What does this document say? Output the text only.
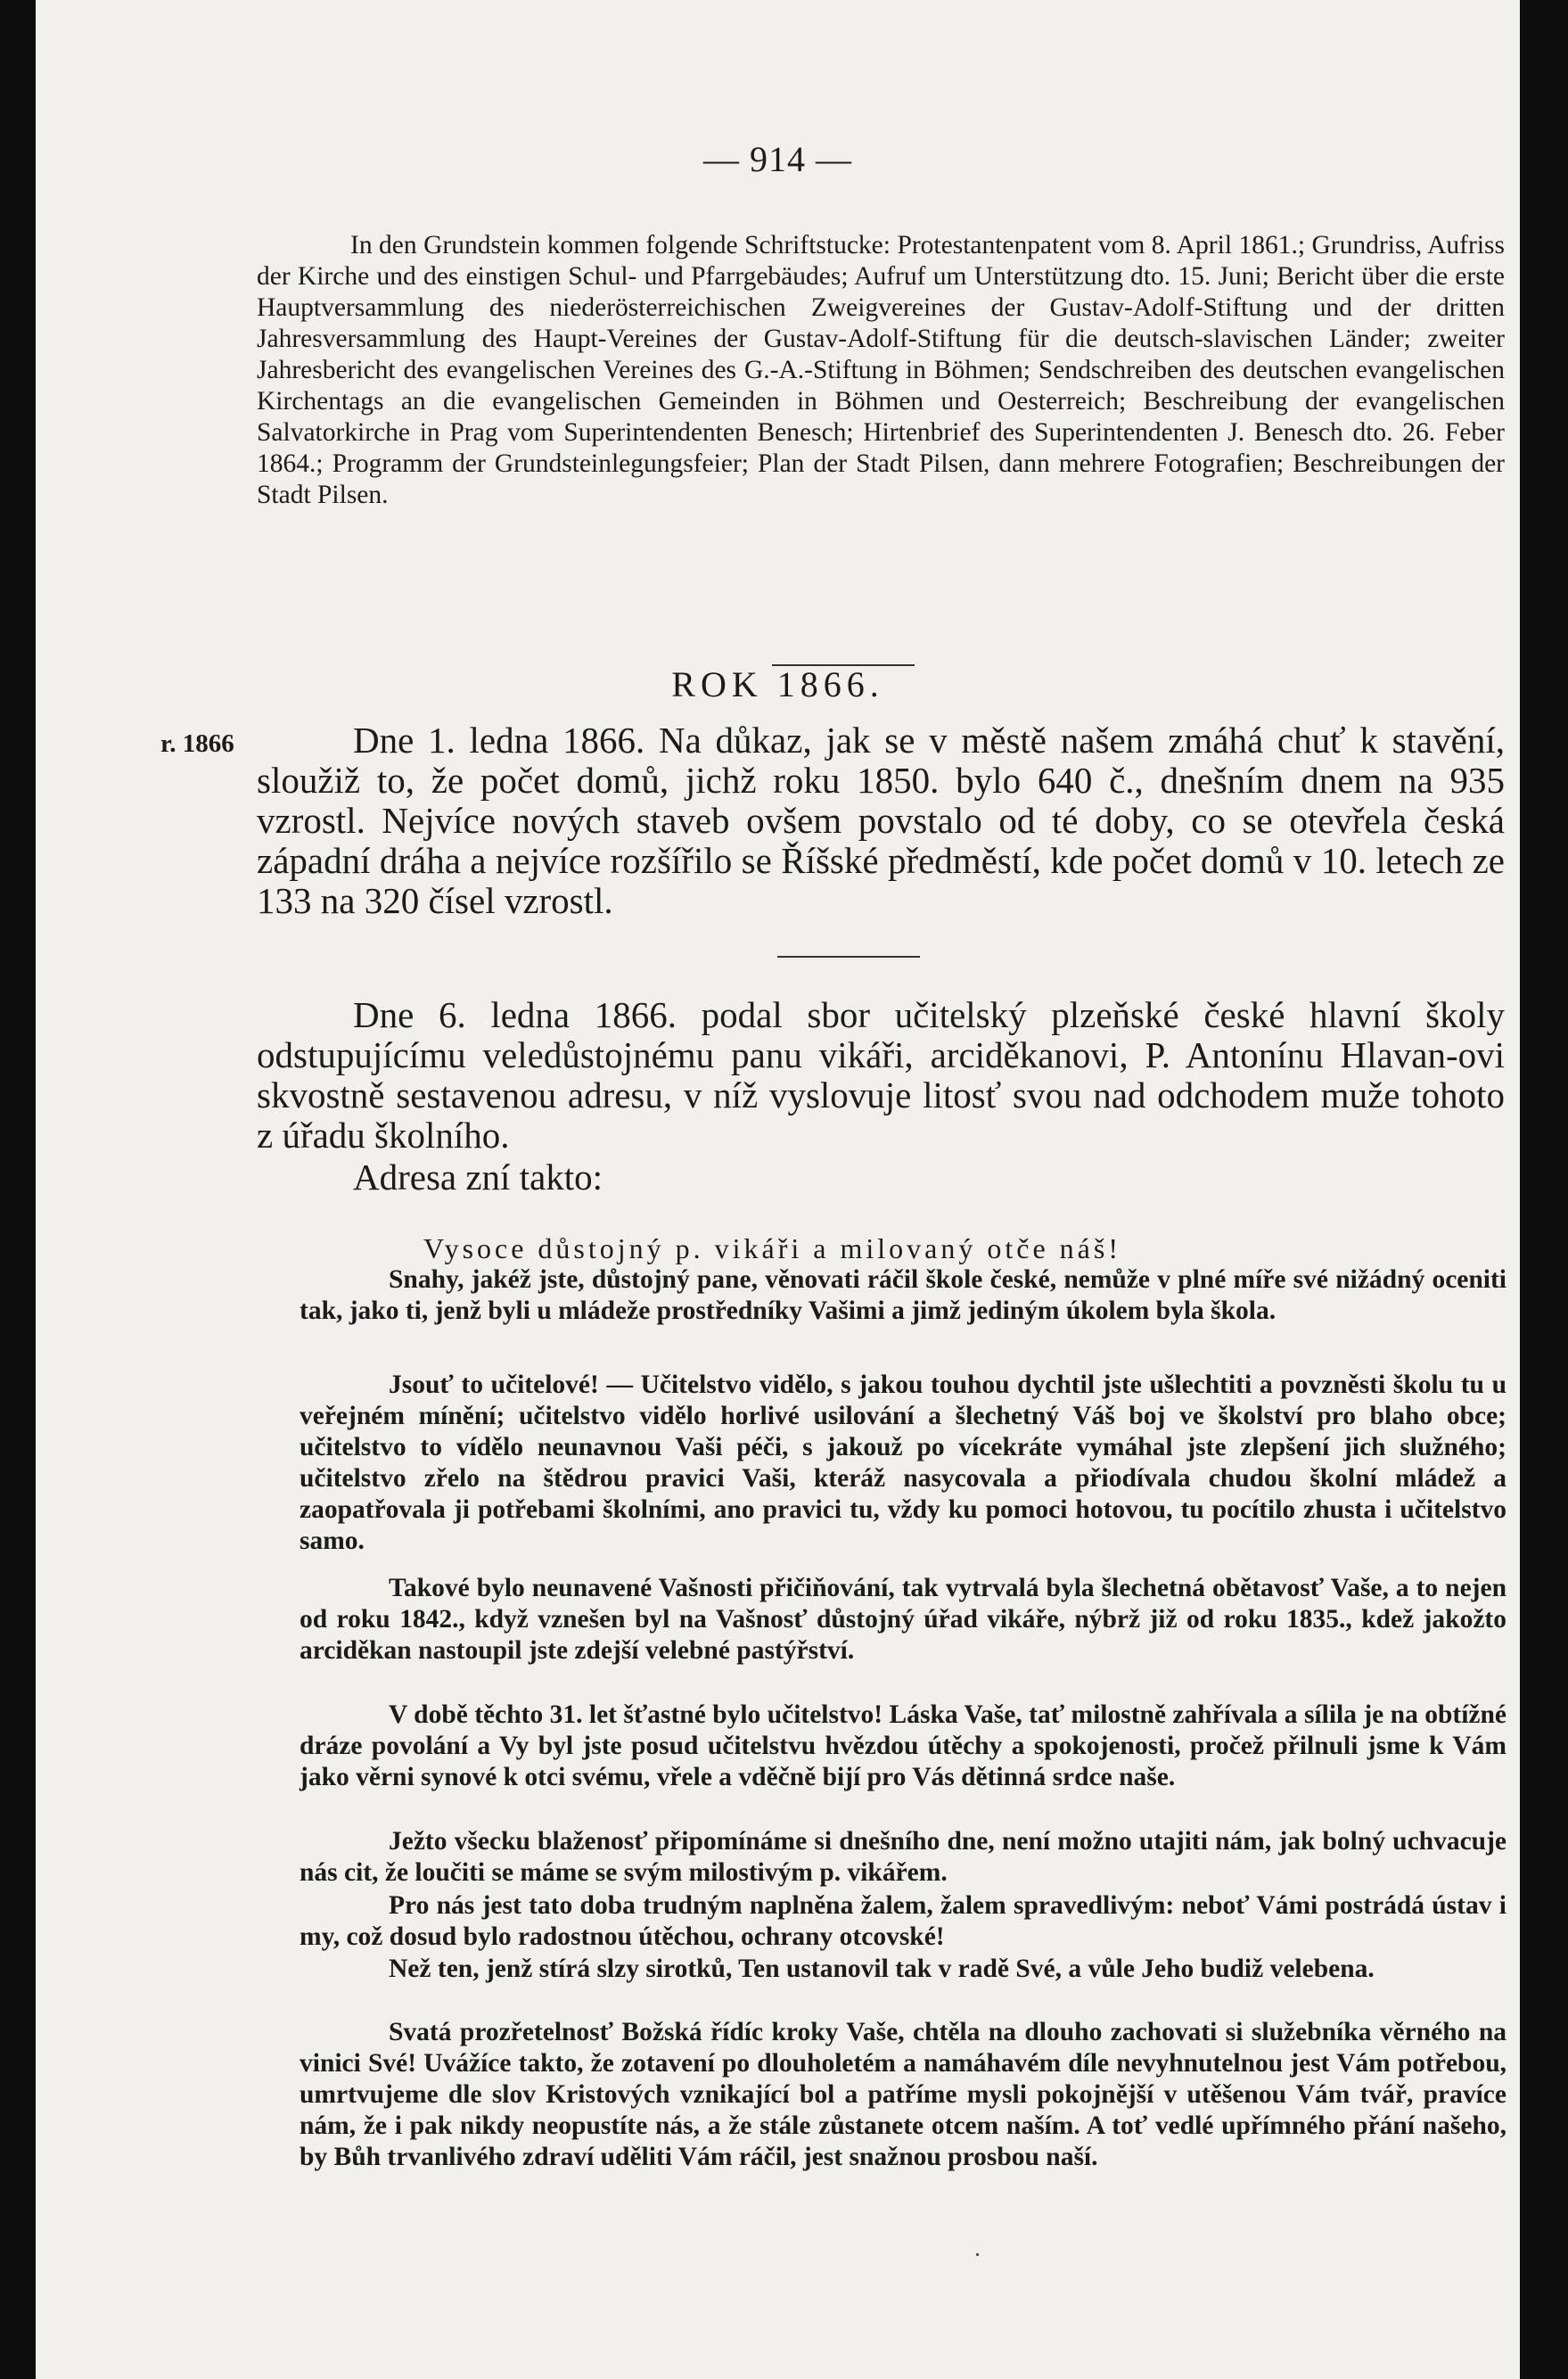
— 914 —
In den Grundstein kommen folgende Schriftstucke: Protestantenpatent vom 8. April 1861.; Grundriss, Aufriss der Kirche und des einstigen Schul- und Pfarrgebäudes; Aufruf um Unterstützung dto. 15. Juni; Bericht über die erste Hauptversammlung des niederösterreichischen Zweigvereines der Gustav-Adolf-Stiftung und der dritten Jahresversammlung des Haupt-Vereines der Gustav-Adolf-Stiftung für die deutsch-slavischen Länder; zweiter Jahresbericht des evangelischen Vereines des G.-A.-Stiftung in Böhmen; Sendschreiben des deutschen evangelischen Kirchentags an die evangelischen Gemeinden in Böhmen und Oesterreich; Beschreibung der evangelischen Salvatorkirche in Prag vom Superintendenten Benesch; Hirtenbrief des Superintendenten J. Benesch dto. 26. Feber 1864.; Programm der Grundsteinlegungsfeier; Plan der Stadt Pilsen, dann mehrere Fotografien; Beschreibungen der Stadt Pilsen.
ROK 1866.
r. 1866	Dne 1. ledna 1866. Na důkaz, jak se v městě našem zmáhá chuť k stavění, sloužiž to, že počet domů, jichž roku 1850. bylo 640 č., dnešním dnem na 935 vzrostl. Nejvíce nových staveb ovšem povstalo od té doby, co se otevřela česká západní dráha a nejvíce rozšířilo se Říšské předměstí, kde počet domů v 10. letech ze 133 na 320 čísel vzrostl.
Dne 6. ledna 1866. podal sbor učitelský plzeňské české hlavní školy odstupujícímu veledůstojnému panu vikáři, arciděkanovi, P. Antonínu Hlavan-ovi skvostně sestavenou adresu, v níž vyslovuje litosť svou nad odchodem muže tohoto z úřadu školního.
Adresa zní takto:
Vysoce důstojný p. vikáři a milovaný otče náš!
Snahy, jakéž jste, důstojný pane, věnovati ráčil škole české, nemůže v plné míře své nižádný oceniti tak, jako ti, jenž byli u mládeže prostředníky Vašimi a jimž jediným úkolem byla škola.
Jsouť to učitelové! — Učitelstvo vidělo, s jakou touhou dychtil jste ušlechtiti a povzněsti školu tu u veřejném mínění; učitelstvo vidělo horlivé usilování a šlechetný Váš boj ve školství pro blaho obce; učitelstvo to vídělo neunavnou Vaši péči, s jakouž po vícekráte vymáhal jste zlepšení jich služného; učitelstvo zřelo na štědrou pravici Vaši, kteráž nasycovala a přiodívala chudou školní mládež a zaopatřovala ji potřebami školními, ano pravici tu, vždy ku pomoci hotovou, tu pocítilo zhusta i učitelstvo samo.
Takové bylo neunavené Vašnosti přičiňování, tak vytrvalá byla šlechetná obětavosť Vaše, a to nejen od roku 1842., když vznešen byl na Vašnosť důstojný úřad vikáře, nýbrž již od roku 1835., kdež jakožto arciděkan nastoupil jste zdejší velebné pastýřství.
V době těchto 31. let šťastné bylo učitelstvo! Láska Vaše, tať milostně zahřívala a sílila je na obtížné dráze povolání a Vy byl jste posud učitelstvu hvězdou útěchy a spokojenosti, pročež přilnuli jsme k Vám jako věrni synové k otci svému, vřele a vděčně bijí pro Vás dětinná srdce naše.
Ježto všecku blaženosť připomínáme si dnešního dne, není možno utajiti nám, jak bolný uchvacuje nás cit, že loučiti se máme se svým milostivým p. vikářem.
Pro nás jest tato doba trudným naplněna žalem, žalem spravedlivým: neboť Vámi postrádá ústav i my, což dosud bylo radostnou útěchou, ochrany otcovské!
Než ten, jenž stírá slzy sirotků, Ten ustanovil tak v radě Své, a vůle Jeho budiž velebena.
Svatá prozřetelnosť Božská řídíc kroky Vaše, chtěla na dlouho zachovati si služebníka věrného na vinici Své! Uvážíce takto, že zotavení po dlouholetém a namáhavém díle nevyhnutelnou jest Vám potřebou, umrtvujeme dle slov Kristových vznikající bol a patříme mysli pokojnější v utěšenou Vám tvář, pravíce nám, že i pak nikdy neopustíte nás, a že stále zůstanete otcem naším. A toť vedlé upřímného přání našeho, by Bůh trvanlivého zdraví uděliti Vám ráčil, jest snažnou prosbou naší.
